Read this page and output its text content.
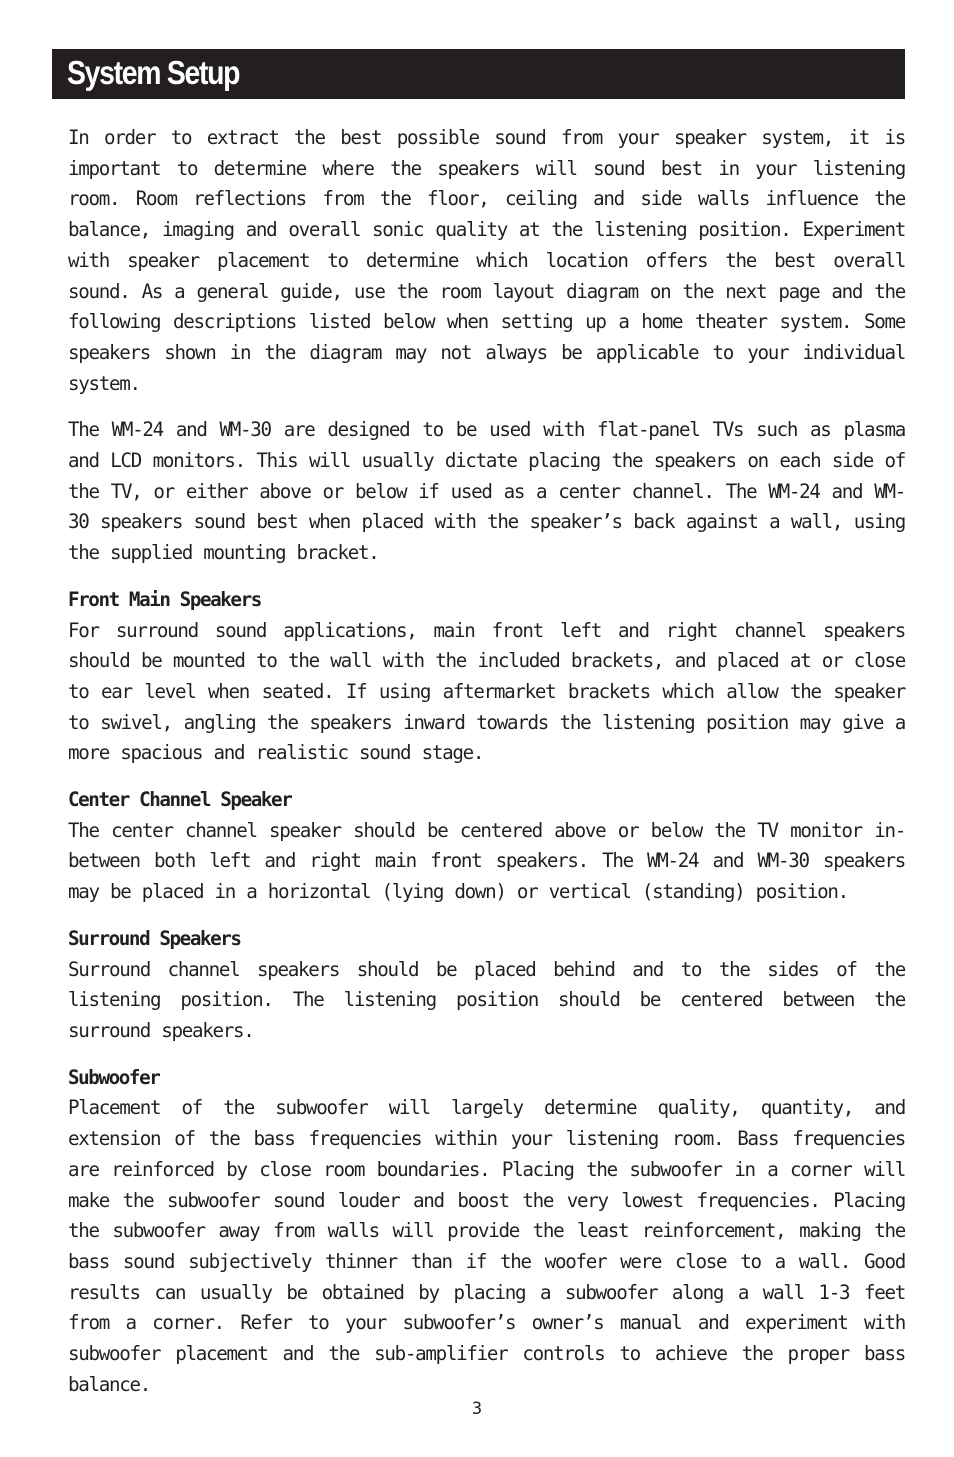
System Setup

In order to extract the best possible sound from your speaker system, it is important to determine where the speakers will sound best in your listening room. Room reflections from the floor, ceiling and side walls influence the balance, imaging and overall sonic quality at the listening position. Experiment with speaker placement to determine which location offers the best overall sound. As a general guide, use the room layout diagram on the next page and the following descriptions listed below when setting up a home theater system. Some speakers shown in the diagram may not always be applicable to your individual system.

The WM-24 and WM-30 are designed to be used with flat-panel TVs such as plasma and LCD monitors. This will usually dictate placing the speakers on each side of the TV, or either above or below if used as a center channel. The WM-24 and WM-30 speakers sound best when placed with the speaker’s back against a wall, using the supplied mounting bracket.

Front Main Speakers

For surround sound applications, main front left and right channel speakers should be mounted to the wall with the included brackets, and placed at or close to ear level when seated. If using aftermarket brackets which allow the speaker to swivel, angling the speakers inward towards the listening position may give a more spacious and realistic sound stage.

Center Channel Speaker

The center channel speaker should be centered above or below the TV monitor in-between both left and right main front speakers. The WM-24 and WM-30 speakers may be placed in a horizontal (lying down) or vertical (standing) position.

Surround Speakers

Surround channel speakers should be placed behind and to the sides of the listening position. The listening position should be centered between the surround speakers.

Subwoofer

Placement of the subwoofer will largely determine quality, quantity, and extension of the bass frequencies within your listening room. Bass frequencies are reinforced by close room boundaries. Placing the subwoofer in a corner will make the subwoofer sound louder and boost the very lowest frequencies. Placing the subwoofer away from walls will provide the least reinforcement, making the bass sound subjectively thinner than if the woofer were close to a wall. Good results can usually be obtained by placing a subwoofer along a wall 1-3 feet from a corner. Refer to your subwoofer’s owner’s manual and experiment with subwoofer placement and the sub-amplifier controls to achieve the proper bass balance.

3
